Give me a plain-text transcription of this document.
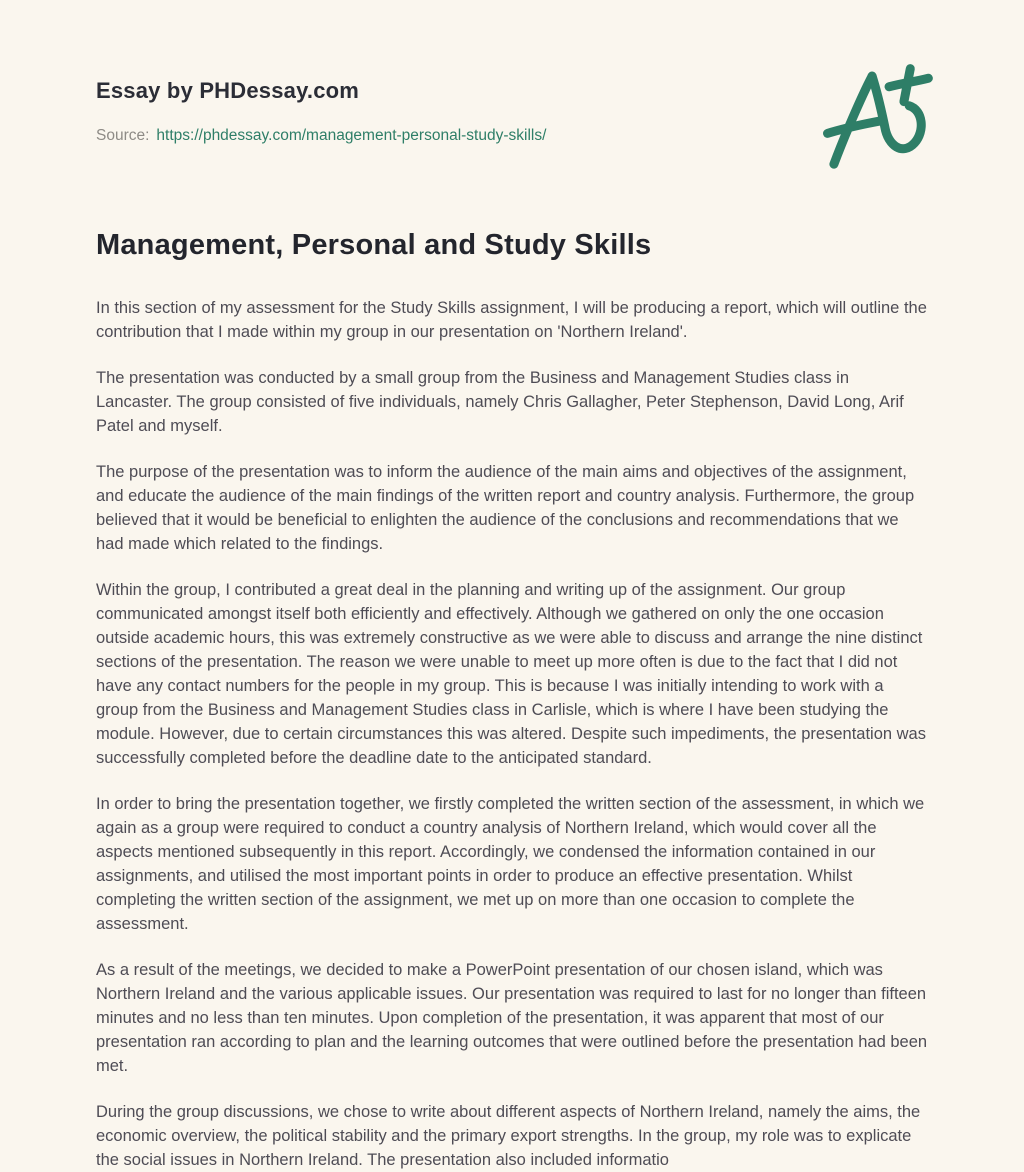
Essay by PHDessay.com
Source: https://phdessay.com/management-personal-study-skills/
Management, Personal and Study Skills

In this section of my assessment for the Study Skills assignment, I will be producing a report, which will outline the contribution that I made within my group in our presentation on 'Northern Ireland'.

The presentation was conducted by a small group from the Business and Management Studies class in Lancaster. The group consisted of five individuals, namely Chris Gallagher, Peter Stephenson, David Long, Arif Patel and myself.

The purpose of the presentation was to inform the audience of the main aims and objectives of the assignment, and educate the audience of the main findings of the written report and country analysis. Furthermore, the group believed that it would be beneficial to enlighten the audience of the conclusions and recommendations that we had made which related to the findings.

Within the group, I contributed a great deal in the planning and writing up of the assignment. Our group communicated amongst itself both efficiently and effectively. Although we gathered on only the one occasion outside academic hours, this was extremely constructive as we were able to discuss and arrange the nine distinct sections of the presentation. The reason we were unable to meet up more often is due to the fact that I did not have any contact numbers for the people in my group. This is because I was initially intending to work with a group from the Business and Management Studies class in Carlisle, which is where I have been studying the module. However, due to certain circumstances this was altered. Despite such impediments, the presentation was successfully completed before the deadline date to the anticipated standard.

In order to bring the presentation together, we firstly completed the written section of the assessment, in which we again as a group were required to conduct a country analysis of Northern Ireland, which would cover all the aspects mentioned subsequently in this report. Accordingly, we condensed the information contained in our assignments, and utilised the most important points in order to produce an effective presentation. Whilst completing the written section of the assignment, we met up on more than one occasion to complete the assessment.

As a result of the meetings, we decided to make a PowerPoint presentation of our chosen island, which was Northern Ireland and the various applicable issues. Our presentation was required to last for no longer than fifteen minutes and no less than ten minutes. Upon completion of the presentation, it was apparent that most of our presentation ran according to plan and the learning outcomes that were outlined before the presentation had been met.

During the group discussions, we chose to write about different aspects of Northern Ireland, namely the aims, the economic overview, the political stability and the primary export strengths. In the group, my role was to explicate the social issues in Northern Ireland. The presentation also included informatio
